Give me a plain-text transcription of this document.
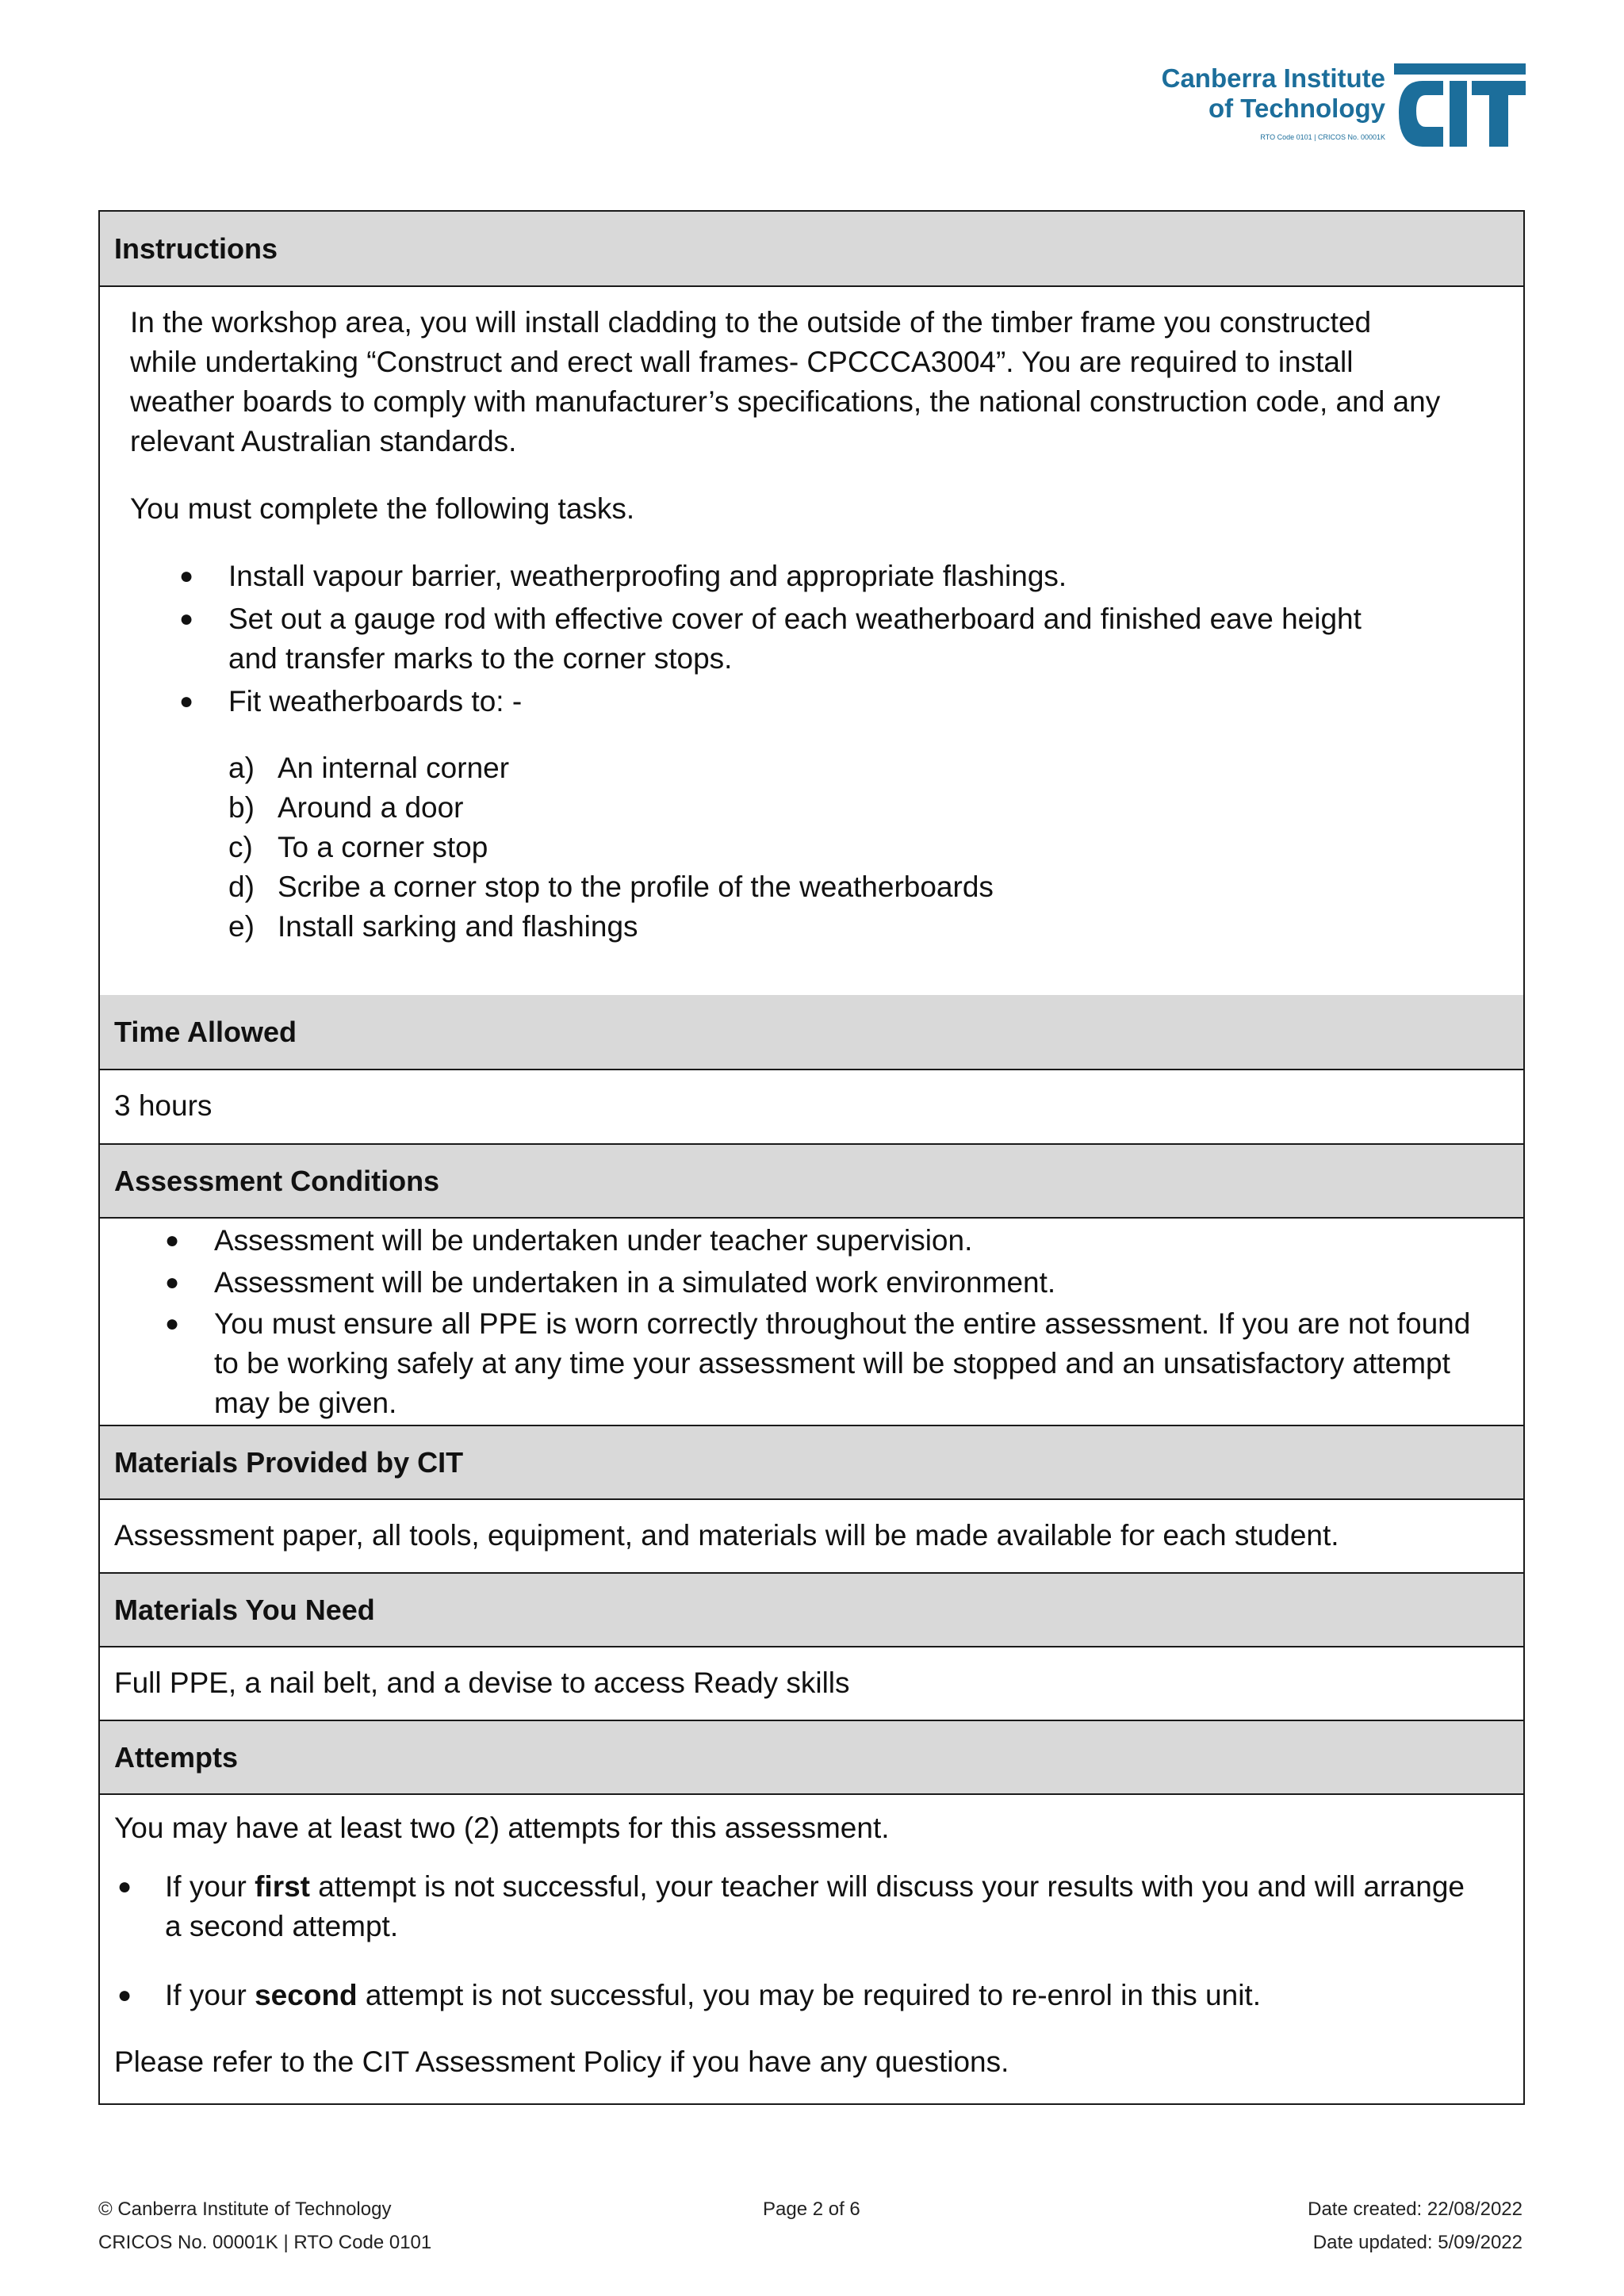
Canberra Institute
of Technology
RTO Code 0101 | CRICOS No. 00001K
Instructions

In the workshop area, you will install cladding to the outside of the timber frame you constructed

while undertaking “Construct and erect wall frames- CPCCCA3004”. You are required to install

weather boards to comply with manufacturer’s specifications, the national construction code, and any

relevant Australian standards.

You must complete the following tasks.

● Install vapour barrier, weatherproofing and appropriate flashings.

● Set out a gauge rod with effective cover of each weatherboard and finished eave height

and transfer marks to the corner stops.

● Fit weatherboards to: -

a) An internal corner
b) Around a door
c) To a corner stop
d) Scribe a corner stop to the profile of the weatherboards
e) Install sarking and flashings
Time Allowed

3 hours

Assessment Conditions
● Assessment will be undertaken under teacher supervision.

● Assessment will be undertaken in a simulated work environment.

● You must ensure all PPE is worn correctly throughout the entire assessment. If you are not found

to be working safely at any time your assessment will be stopped and an unsatisfactory attempt

may be given.

Materials Provided by CIT

Assessment paper, all tools, equipment, and materials will be made available for each student.

Materials You Need

Full PPE, a nail belt, and a devise to access Ready skills

Attempts

You may have at least two (2) attempts for this assessment.

● If your first attempt is not successful, your teacher will discuss your results with you and will arrange

a second attempt.

● If your second attempt is not successful, you may be required to re-enrol in this unit.

Please refer to the CIT Assessment Policy if you have any questions.

© Canberra Institute of Technology
CRICOS No. 00001K | RTO Code 0101
Page 2 of 6	Date created: 22/08/2022
Date updated: 5/09/2022
